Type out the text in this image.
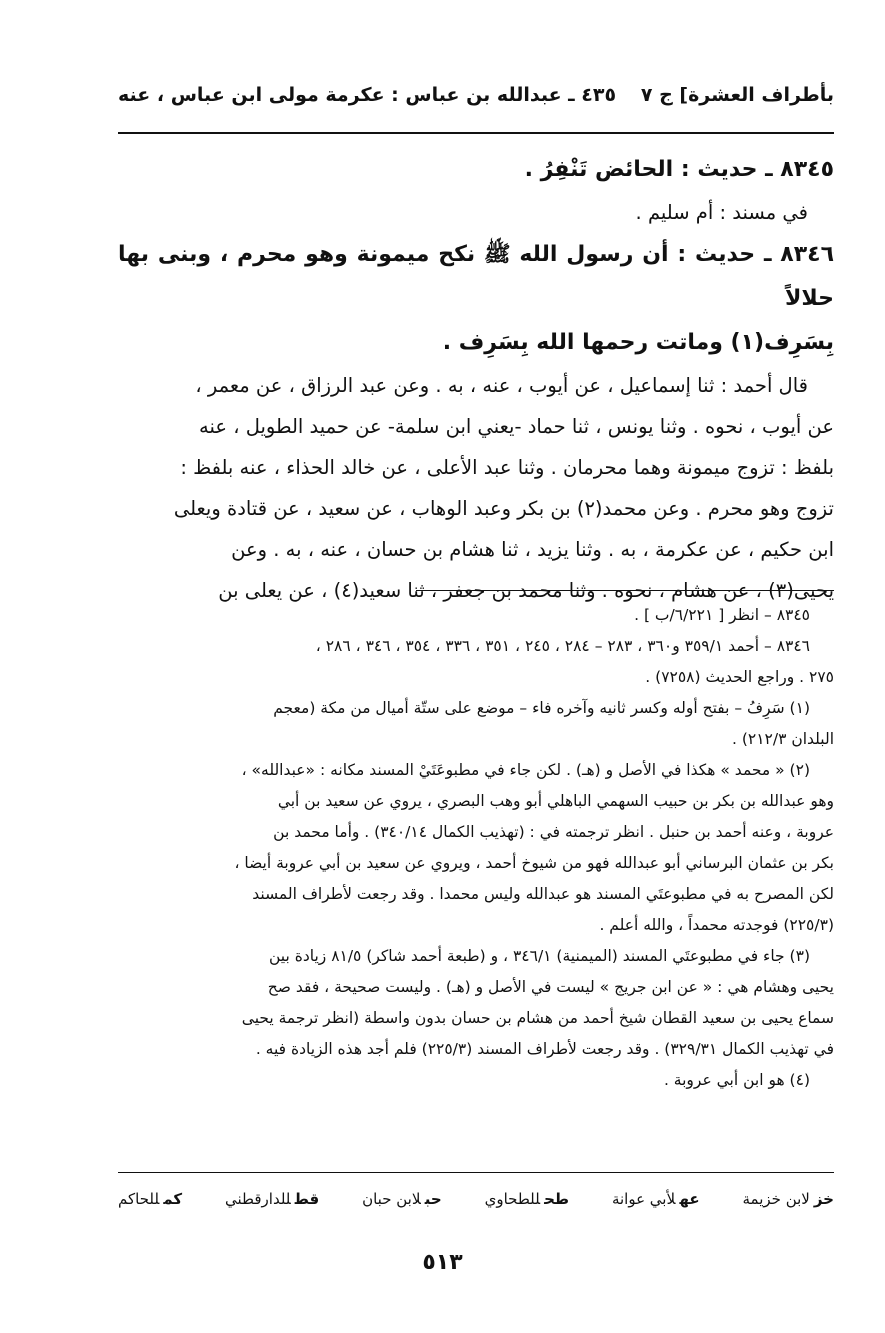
بأطراف العشرة] ج ٧
٤٣٥ ـ عبدالله بن عباس : عكرمة مولى ابن عباس ، عنه

٨٣٤٥ ـ حديث : الحائض تَنْفِرُ .

في مسند : أم سليم .

٨٣٤٦ ـ حديث : أن رسول الله ﷺ نكح ميمونة وهو محرم ، وبنى بها حلالاً

بِسَرِف(١) وماتت رحمها الله بِسَرِف .

قال أحمد : ثنا إسماعيل ، عن أيوب ، عنه ، به . وعن عبد الرزاق ، عن معمر ،

عن أيوب ، نحوه . وثنا يونس ، ثنا حماد -يعني ابن سلمة- عن حميد الطويل ، عنه

بلفظ : تزوج ميمونة وهما محرمان . وثنا عبد الأعلى ، عن خالد الحذاء ، عنه بلفظ :

تزوج وهو محرم . وعن محمد(٢) بن بكر وعبد الوهاب ، عن سعيد ، عن قتادة ويعلى

ابن حكيم ، عن عكرمة ، به . وثنا يزيد ، ثنا هشام بن حسان ، عنه ، به . وعن

يحيى(٣) ، عن هشام ، نحوه . وثنا محمد بن جعفر ، ثنا سعيد(٤) ، عن يعلى بن

٨٣٤٥ – انظر [ ٦/٢٢١/ب ] .

٨٣٤٦ – أحمد ٣٥٩/١ و٣٦٠ ، ٢٨٣ – ٢٨٤ ، ٢٤٥ ، ٣٥١ ، ٣٣٦ ، ٣٥٤ ، ٣٤٦ ، ٢٨٦ ،

٢٧٥ . وراجع الحديث (٧٢٥٨) .

(١) سَرِفُ – بفتح أوله وكسر ثانيه وآخره فاء – موضع على ستّة أميال من مكة (معجم

البلدان ٢١٢/٣) .

(٢) « محمد » هكذا في الأصل و (هـ) . لكن جاء في مطبوعَتَيْ المسند مكانه : «عبدالله» ،

وهو عبدالله بن بكر بن حبيب السهمي الباهلي أبو وهب البصري ، يروي عن سعيد بن أبي

عروبة ، وعنه أحمد بن حنبل . انظر ترجمته في : (تهذيب الكمال ٣٤٠/١٤) . وأما محمد بن

بكر بن عثمان البرساني أبو عبدالله فهو من شيوخ أحمد ، ويروي عن سعيد بن أبي عروبة أيضا ،

لكن المصرح به في مطبوعتَي المسند هو عبدالله وليس محمدا . وقد رجعت لأطراف المسند

(٢٢٥/٣) فوجدته محمداً ، والله أعلم .

(٣) جاء في مطبوعتَي المسند (الميمنية) ٣٤٦/١ ، و (طبعة أحمد شاكر) ٨١/٥ زيادة بين

يحيى وهشام هي : « عن ابن جريج » ليست في الأصل و (هـ) . وليست صحيحة ، فقد صح

سماع يحيى بن سعيد القطان شيخ أحمد من هشام بن حسان بدون واسطة (انظر ترجمة يحيى

في تهذيب الكمال ٣٢٩/٣١) . وقد رجعت لأطراف المسند (٢٢٥/٣) فلم أجد هذه الزيادة فيه .

(٤) هو ابن أبي عروبة .

خزلابن خزيمة
عهلأبي عوانة
طحللطحاوي
حبلابن حبان
قطللدارقطني
كمللحاكم
٥١٣
